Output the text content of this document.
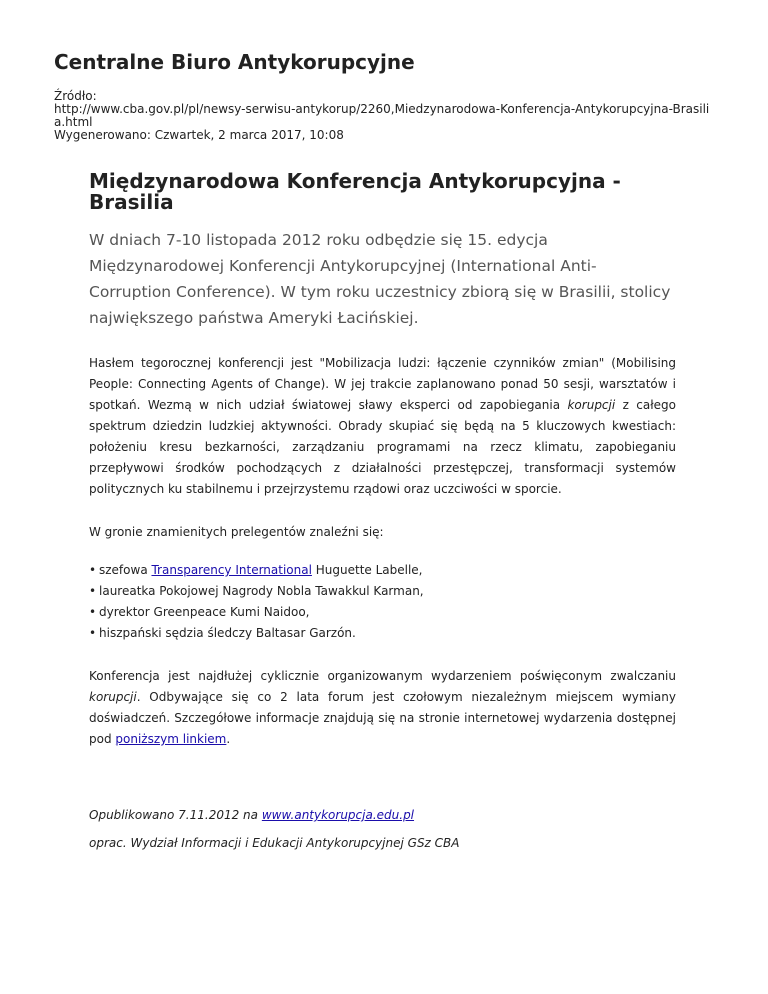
Centralne Biuro Antykorupcyjne
Źródło:
http://www.cba.gov.pl/pl/newsy-serwisu-antykorup/2260,Miedzynarodowa-Konferencja-Antykorupcyjna-Brasili
a.html
Wygenerowano: Czwartek, 2 marca 2017, 10:08
Międzynarodowa Konferencja Antykorupcyjna -
Brasilia

W dniach 7-10 listopada 2012 roku odbędzie się 15. edycja Międzynarodowej Konferencji Antykorupcyjnej (International Anti-Corruption Conference). W tym roku uczestnicy zbiorą się w Brasilii, stolicy największego państwa Ameryki Łacińskiej.

Hasłem tegorocznej konferencji jest "Mobilizacja ludzi: łączenie czynników zmian" (Mobilising People: Connecting Agents of Change). W jej trakcie zaplanowano ponad 50 sesji, warsztatów i spotkań. Wezmą w nich udział światowej sławy eksperci od zapobiegania korupcji z całego spektrum dziedzin ludzkiej aktywności. Obrady skupiać się będą na 5 kluczowych kwestiach: położeniu kresu bezkarności, zarządzaniu programami na rzecz klimatu, zapobieganiu przepływowi środków pochodzących z działalności przestępczej, transformacji systemów politycznych ku stabilnemu i przejrzystemu rządowi oraz uczciwości w sporcie.

W gronie znamienitych prelegentów znaleźni się:

• szefowa Transparency International Huguette Labelle,
• laureatka Pokojowej Nagrody Nobla Tawakkul Karman,
• dyrektor Greenpeace Kumi Naidoo,
• hiszpański sędzia śledczy Baltasar Garzón.

Konferencja jest najdłużej cyklicznie organizowanym wydarzeniem poświęconym zwalczaniu korupcji. Odbywające się co 2 lata forum jest czołowym niezależnym miejscem wymiany doświadczeń. Szczegółowe informacje znajdują się na stronie internetowej wydarzenia dostępnej pod poniższym linkiem.

Opublikowano 7.11.2012 na www.antykorupcja.edu.pl

oprac. Wydział Informacji i Edukacji Antykorupcyjnej GSz CBA
